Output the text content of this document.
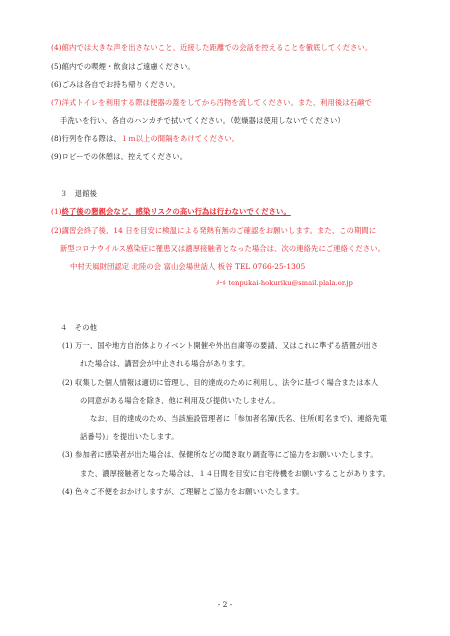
(4)館内では大きな声を出さないこと、近接した距離での会話を控えることを徹底してください。
(5)館内での喫煙・飲食はご遠慮ください。
(6)ごみは各自でお持ち帰りください。
(7)洋式トイレを利用する際は便器の蓋をしてから汚物を流してください。また、利用後は石鹸で
手洗いを行い、各自のハンカチで拭いてください。（乾燥器は使用しないでください）
(8)行列を作る際は、１ｍ以上の間隔をあけてください。
(9)ロビーでの休憩は、控えてください。
３　退館後
(1)終了後の懇親会など、感染リスクの高い行為は行わないでください。
(2)講習会終了後、14 日を目安に検温による発熱有無のご確認をお願いします。また、この期間に
新型コロナウイルス感染症に罹患又は濃厚接触者となった場合は、次の連絡先にご連絡ください。
中村天風財団認定 北陸の会 富山会場世話人 板谷 TEL 0766-25-1305
ﾒｰﾙ tenpukai-hokuriku@smail.plala.or.jp
４　その他
(1) 万一、国や地方自治体よりイベント開催や外出自粛等の要請、又はこれに準ずる措置が出さ
れた場合は、講習会が中止される場合があります。
(2) 収集した個人情報は適切に管理し、目的達成のために利用し、法令に基づく場合または本人
の同意がある場合を除き、他に利用及び提供いたしません。
なお、目的達成のため、当該施設管理者に「参加者名簿(氏名、住所(町名まで)、連絡先電
話番号)」を提出いたします。
(3) 参加者に感染者が出た場合は、保健所などの聞き取り調査等にご協力をお願いいたします。
また、濃厚接触者となった場合は、１４日間を目安に自宅待機をお願いすることがあります。
(4) 色々ご不便をおかけしますが、ご理解とご協力をお願いいたします。
- 2 -
